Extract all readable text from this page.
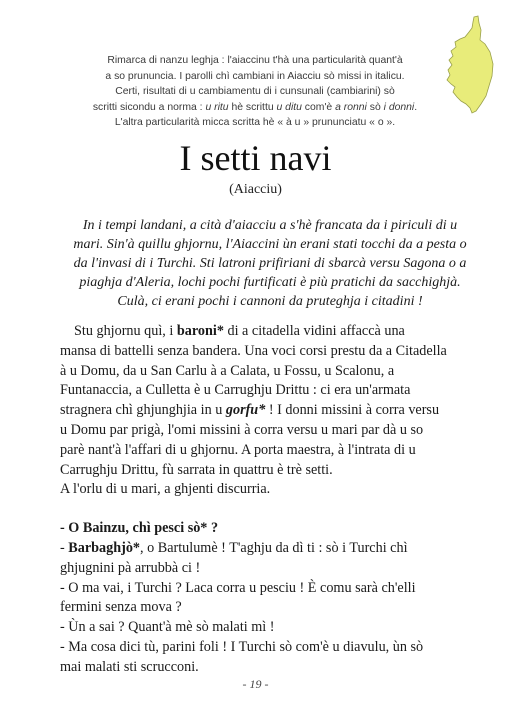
Rimarca di nanzu leghja : l'aiaccinu t'hà una particularità quant'à

a so prununcia. I parolli chì cambiani in Aiacciu sò missi in italicu.

Certi, risultati di u cambiamentu di i cunsunali (cambiarini) sò

scritti sicondu a norma : u ritu hè scrittu u ditu com'è a ronni sò i donni.

L'altra particularità micca scritta hè « à u » prununciatu « o ».

I setti navi
(Aiacciu)

In i tempi landani, a cità d'aiacciu a s'hè francata da i piriculi di u

mari. Sin'à quillu ghjornu, l'Aiaccini ùn erani stati tocchi da a pesta o

da l'invasi di i Turchi. Sti latroni prifiriani di sbarcà versu Sagona o a

piaghja d'Aleria, lochi pochi furtificati è più pratichi da sacchighjà.

Culà, ci erani pochi i cannoni da pruteghja i citadini !

Stu ghjornu quì, i baroni* di a citadella vidini affaccà una

mansa di battelli senza bandera. Una voci corsi prestu da a Citadella

à u Domu, da u San Carlu à a Calata, u Fossu, u Scalonu, a

Funtanaccia, a Culletta è u Carrughju Drittu : ci era un'armata

stragnera chì ghjunghjia in u gorfu* ! I donni missini à corra versu

u Domu par prigà, l'omi missini à corra versu u mari par dà u so

parè nant'à l'affari di u ghjornu. A porta maestra, à l'intrata di u

Carrughju Drittu, fù sarrata in quattru è trè setti.

A l'orlu di u mari, a ghjenti discurria.

- O Bainzu, chì pesci sò* ?

- Barbaghjò*, o Bartulumè ! T'aghju da dì ti : sò i Turchi chì

ghjugnini pà arrubbà ci !

- O ma vai, i Turchi ? Laca corra u pesciu ! È comu sarà ch'elli

fermini senza mova ?

- Ùn a sai ? Quant'à mè sò malati mì !

- Ma cosa dici tù, parini foli ! I Turchi sò com'è u diavulu, ùn sò

mai malati sti scrucconi.

- 19 -
